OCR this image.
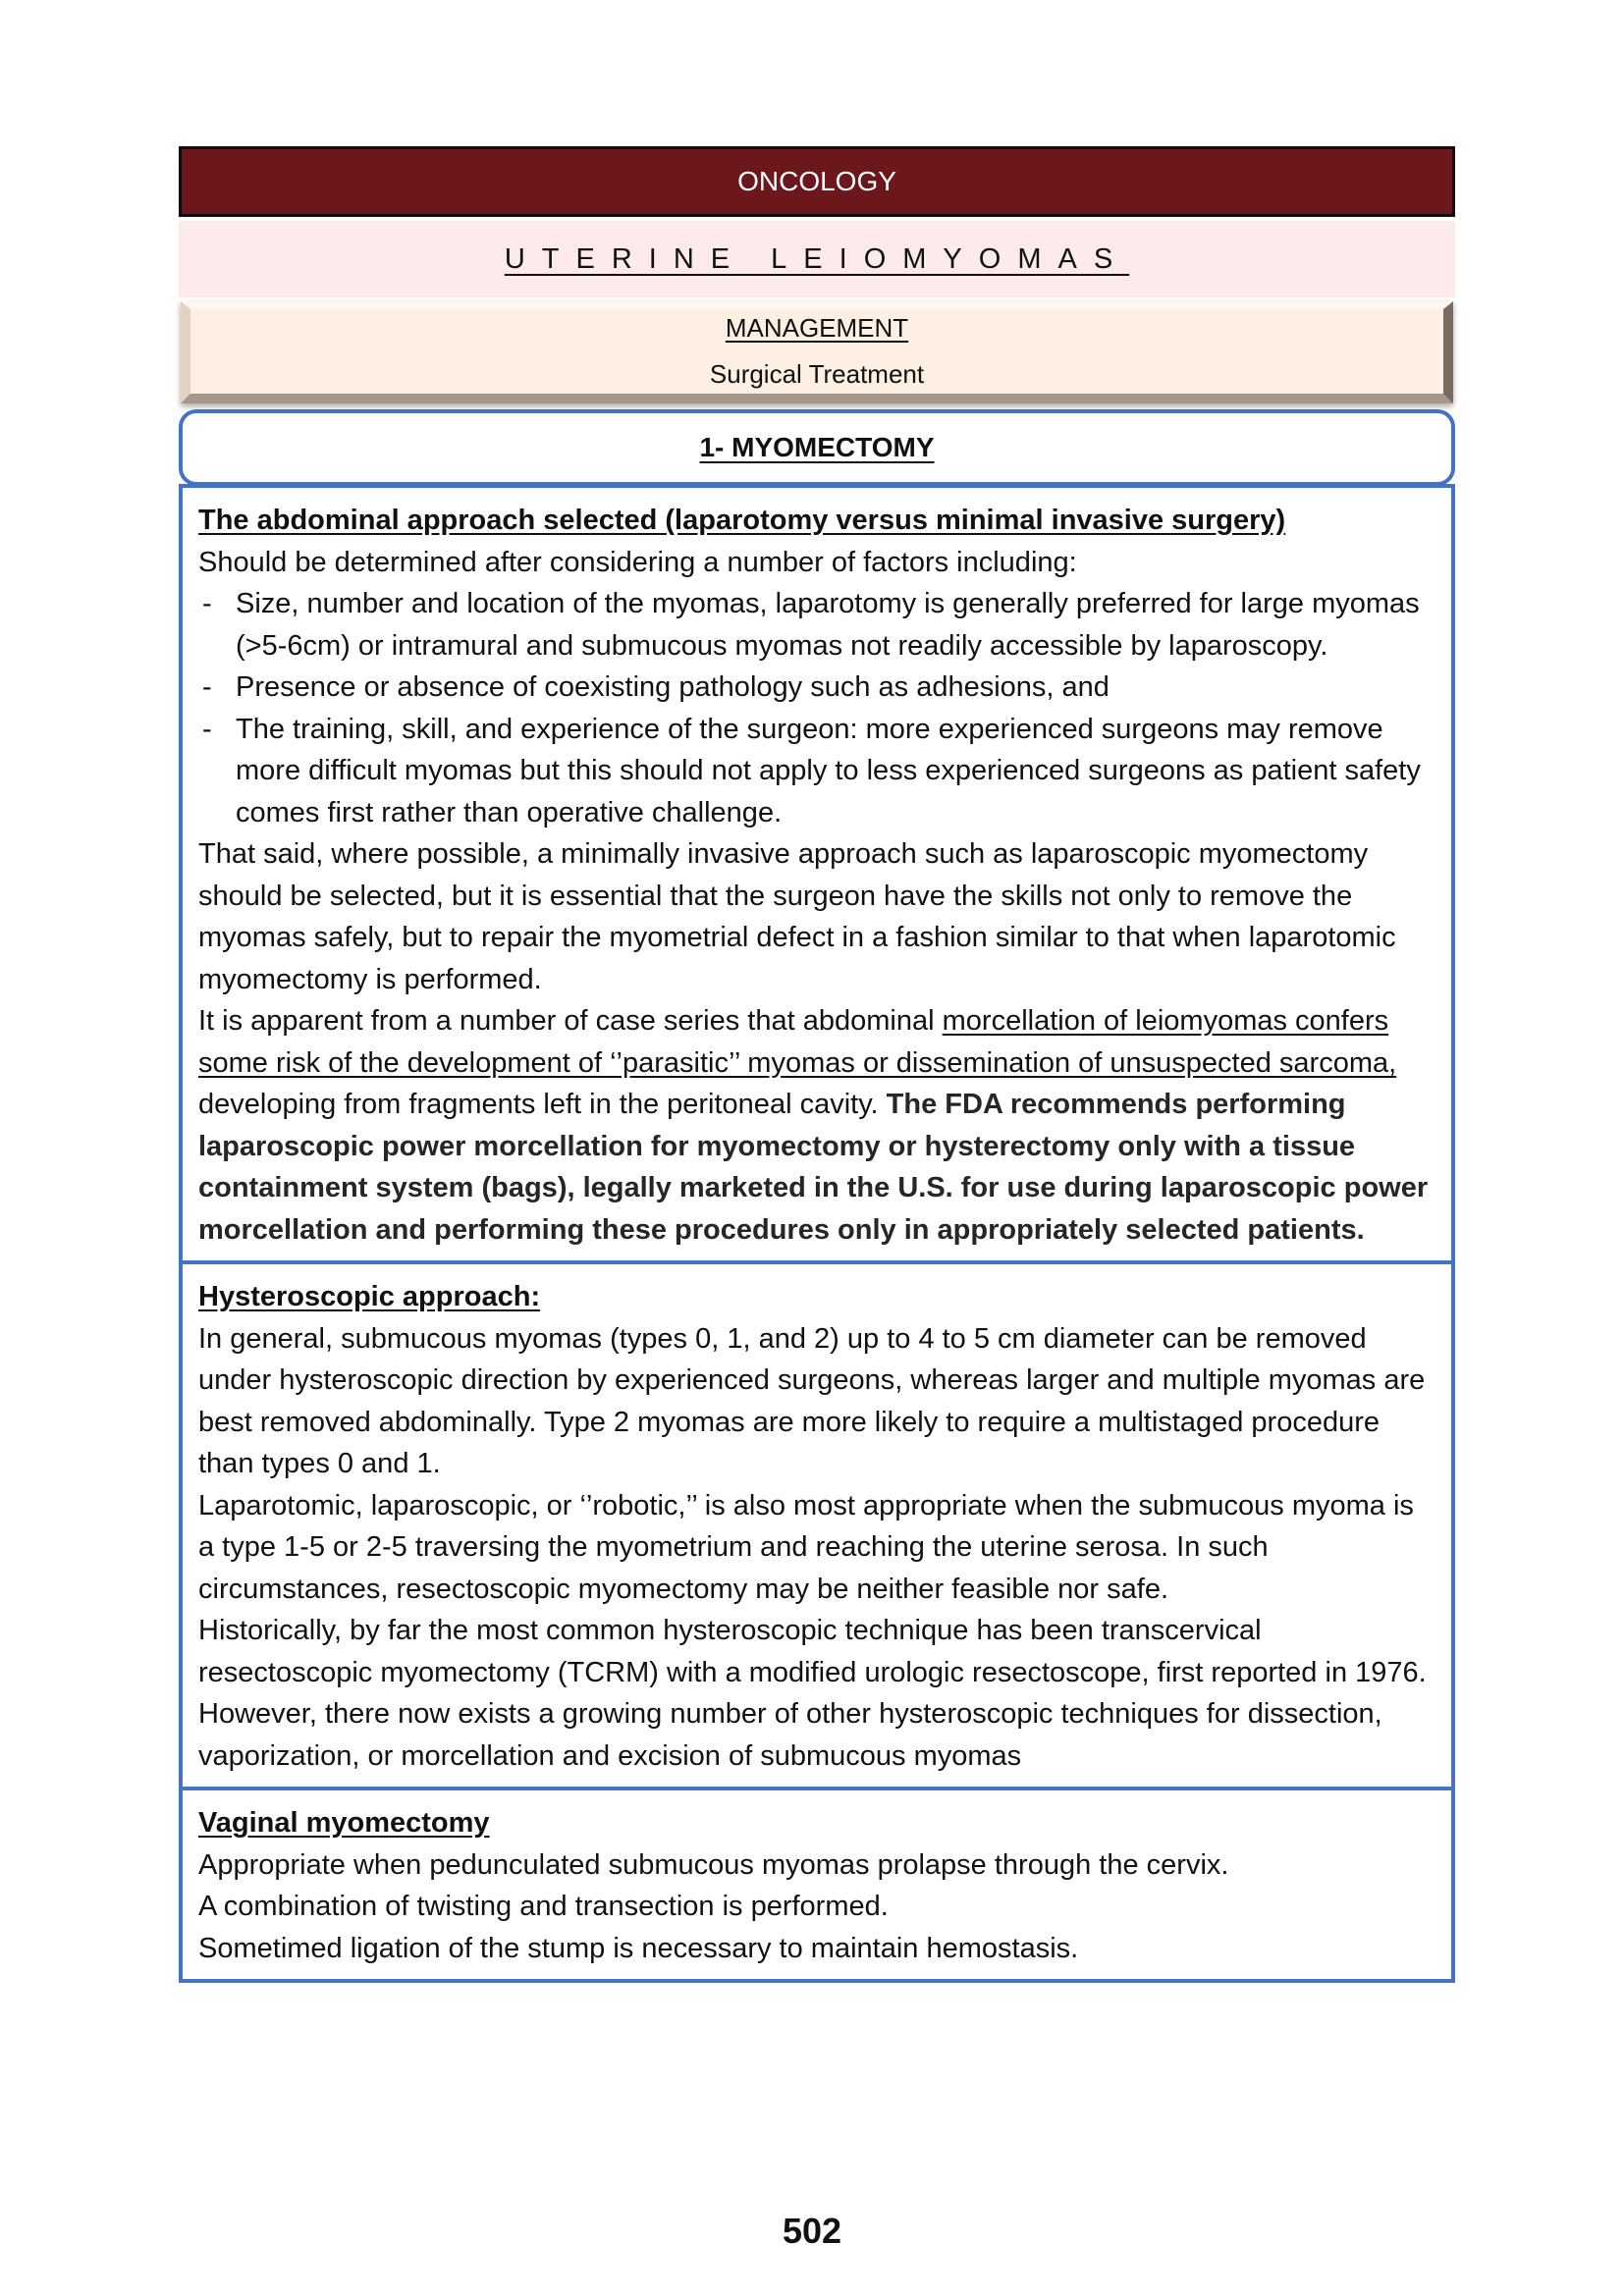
ONCOLOGY
UTERINE LEIOMYOMAS
MANAGEMENT
Surgical Treatment
1- MYOMECTOMY
The abdominal approach selected (laparotomy versus minimal invasive surgery)
Should be determined after considering a number of factors including:
- Size, number and location of the myomas, laparotomy is generally preferred for large myomas (>5-6cm) or intramural and submucous myomas not readily accessible by laparoscopy.
- Presence or absence of coexisting pathology such as adhesions, and
- The training, skill, and experience of the surgeon: more experienced surgeons may remove more difficult myomas but this should not apply to less experienced surgeons as patient safety comes first rather than operative challenge.
That said, where possible, a minimally invasive approach such as laparoscopic myomectomy should be selected, but it is essential that the surgeon have the skills not only to remove the myomas safely, but to repair the myometrial defect in a fashion similar to that when laparotomic myomectomy is performed.
It is apparent from a number of case series that abdominal morcellation of leiomyomas confers some risk of the development of ‘’parasitic’’ myomas or dissemination of unsuspected sarcoma, developing from fragments left in the peritoneal cavity. The FDA recommends performing laparoscopic power morcellation for myomectomy or hysterectomy only with a tissue containment system (bags), legally marketed in the U.S. for use during laparoscopic power morcellation and performing these procedures only in appropriately selected patients.
Hysteroscopic approach:
In general, submucous myomas (types 0, 1, and 2) up to 4 to 5 cm diameter can be removed under hysteroscopic direction by experienced surgeons, whereas larger and multiple myomas are best removed abdominally. Type 2 myomas are more likely to require a multistaged procedure than types 0 and 1.
Laparotomic, laparoscopic, or ‘’robotic,’’ is also most appropriate when the submucous myoma is a type 1-5 or 2-5 traversing the myometrium and reaching the uterine serosa. In such circumstances, resectoscopic myomectomy may be neither feasible nor safe.
Historically, by far the most common hysteroscopic technique has been transcervical resectoscopic myomectomy (TCRM) with a modified urologic resectoscope, first reported in 1976. However, there now exists a growing number of other hysteroscopic techniques for dissection, vaporization, or morcellation and excision of submucous myomas
Vaginal myomectomy
Appropriate when pedunculated submucous myomas prolapse through the cervix.
A combination of twisting and transection is performed.
Sometimed ligation of the stump is necessary to maintain hemostasis.
502
